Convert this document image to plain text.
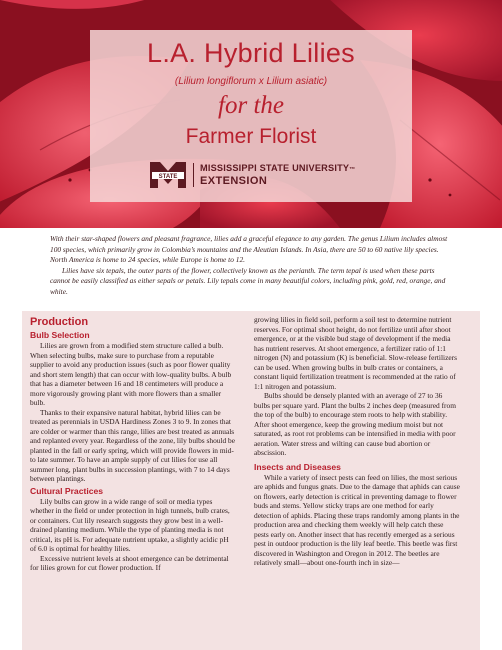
L.A. Hybrid Lilies
(Lilium longiflorum x Lilium asiatic)
for the
Farmer Florist
STATE
MISSISSIPPI STATE UNIVERSITY™
EXTENSION

With their star-shaped flowers and pleasant fragrance, lilies add a graceful elegance to any garden. The genus Lilium includes almost 100 species, which primarily grow in Colombia’s mountains and the Aleutian Islands. In Asia, there are 50 to 60 native lily species. North America is home to 24 species, while Europe is home to 12.

Lilies have six tepals, the outer parts of the flower, collectively known as the perianth. The term tepal is used when these parts cannot be easily classified as either sepals or petals. Lily tepals come in many beautiful colors, including pink, gold, red, orange, and white.

Production
Bulb Selection

Lilies are grown from a modified stem structure called a bulb. When selecting bulbs, make sure to purchase from a reputable supplier to avoid any production issues (such as poor flower quality and short stem length) that can occur with low-quality bulbs. A bulb that has a diameter between 16 and 18 centimeters will produce a more vigorously growing plant with more flowers than a smaller bulb.

Thanks to their expansive natural habitat, hybrid lilies can be treated as perennials in USDA Hardiness Zones 3 to 9. In zones that are colder or warmer than this range, lilies are best treated as annuals and replanted every year. Regardless of the zone, lily bulbs should be planted in the fall or early spring, which will provide flowers in mid- to late summer. To have an ample supply of cut lilies for use all summer long, plant bulbs in succession plantings, with 7 to 14 days between plantings.

Cultural Practices

Lily bulbs can grow in a wide range of soil or media types whether in the field or under protection in high tunnels, bulb crates, or containers. Cut lily research suggests they grow best in a well-drained planting medium. While the type of planting media is not critical, its pH is. For adequate nutrient uptake, a slightly acidic pH of 6.0 is optimal for healthy lilies.

Excessive nutrient levels at shoot emergence can be detrimental for lilies grown for cut flower production. If

growing lilies in field soil, perform a soil test to determine nutrient reserves. For optimal shoot height, do not fertilize until after shoot emergence, or at the visible bud stage of development if the media has nutrient reserves. At shoot emergence, a fertilizer ratio of 1:1 nitrogen (N) and potassium (K) is beneficial. Slow-release fertilizers can be used. When growing bulbs in bulb crates or containers, a constant liquid fertilization treatment is recommended at the ratio of 1:1 nitrogen and potassium.

Bulbs should be densely planted with an average of 27 to 36 bulbs per square yard. Plant the bulbs 2 inches deep (measured from the top of the bulb) to encourage stem roots to help with stability. After shoot emergence, keep the growing medium moist but not saturated, as root rot problems can be intensified in media with poor aeration. Water stress and wilting can cause bud abortion or abscission.

Insects and Diseases

While a variety of insect pests can feed on lilies, the most serious are aphids and fungus gnats. Due to the damage that aphids can cause on flowers, early detection is critical in preventing damage to flower buds and stems. Yellow sticky traps are one method for early detection of aphids. Placing these traps randomly among plants in the production area and checking them weekly will help catch these pests early on. Another insect that has recently emerged as a serious pest in outdoor production is the lily leaf beetle. This beetle was first discovered in Washington and Oregon in 2012. The beetles are relatively small—about one-fourth inch in size—
